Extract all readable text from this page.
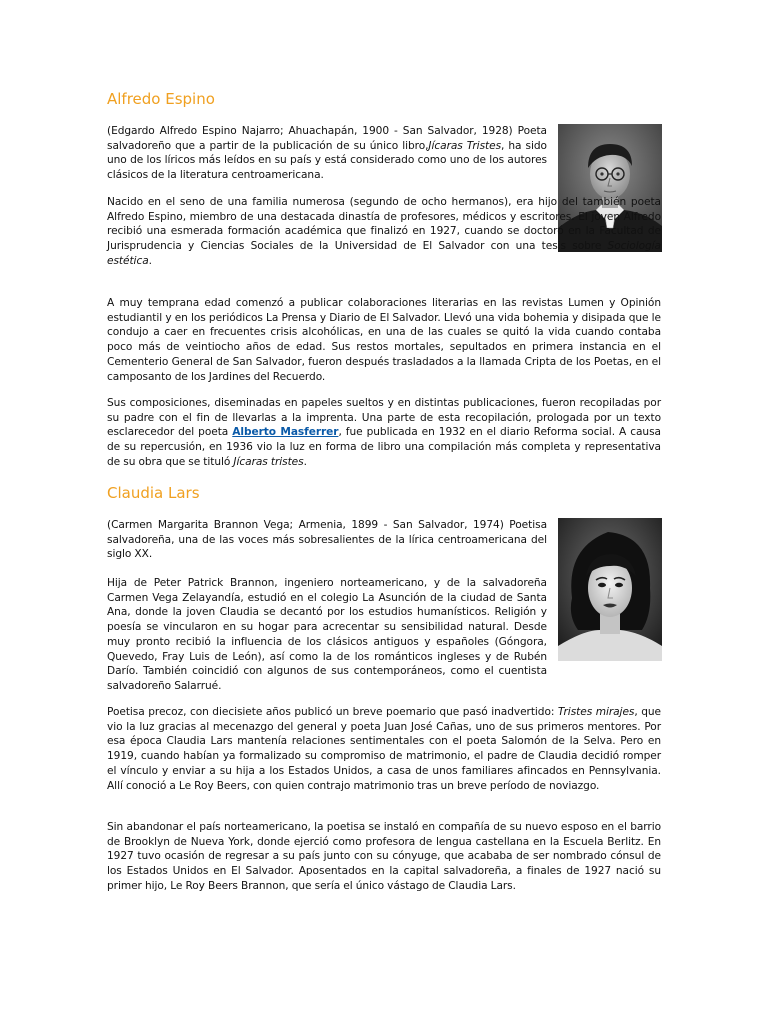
Alfredo Espino

(Edgardo Alfredo Espino Najarro; Ahuachapán, 1900 - San Salvador, 1928) Poeta salvadoreño que a partir de la publicación de su único libro,Jícaras Tristes, ha sido uno de los líricos más leídos en su país y está considerado como uno de los autores clásicos de la literatura centroamericana.

Nacido en el seno de una familia numerosa (segundo de ocho hermanos), era hijo del también poeta Alfredo Espino, miembro de una destacada dinastía de profesores, médicos y escritores. El joven Alfredo recibió una esmerada formación académica que finalizó en 1927, cuando se doctoró en la Facultad de Jurisprudencia y Ciencias Sociales de la Universidad de El Salvador con una tesis sobre Sociología estética.

A muy temprana edad comenzó a publicar colaboraciones literarias en las revistas Lumen y Opinión estudiantil y en los periódicos La Prensa y Diario de El Salvador. Llevó una vida bohemia y disipada que le condujo a caer en frecuentes crisis alcohólicas, en una de las cuales se quitó la vida cuando contaba poco más de veintiocho años de edad. Sus restos mortales, sepultados en primera instancia en el Cementerio General de San Salvador, fueron después trasladados a la llamada Cripta de los Poetas, en el camposanto de los Jardines del Recuerdo.

Sus composiciones, diseminadas en papeles sueltos y en distintas publicaciones, fueron recopiladas por su padre con el fin de llevarlas a la imprenta. Una parte de esta recopilación, prologada por un texto esclarecedor del poeta Alberto Masferrer, fue publicada en 1932 en el diario Reforma social. A causa de su repercusión, en 1936 vio la luz en forma de libro una compilación más completa y representativa de su obra que se tituló Jícaras tristes.

Claudia Lars

(Carmen Margarita Brannon Vega; Armenia, 1899 - San Salvador, 1974) Poetisa salvadoreña, una de las voces más sobresalientes de la lírica centroamericana del siglo XX.

Hija de Peter Patrick Brannon, ingeniero norteamericano, y de la salvadoreña Carmen Vega Zelayandía, estudió en el colegio La Asunción de la ciudad de Santa Ana, donde la joven Claudia se decantó por los estudios humanísticos. Religión y poesía se vincularon en su hogar para acrecentar su sensibilidad natural. Desde muy pronto recibió la influencia de los clásicos antiguos y españoles (Góngora, Quevedo, Fray Luis de León), así como la de los románticos ingleses y de Rubén Darío. También coincidió con algunos de sus contemporáneos, como el cuentista salvadoreño Salarrué.

Poetisa precoz, con diecisiete años publicó un breve poemario que pasó inadvertido: Tristes mirajes, que vio la luz gracias al mecenazgo del general y poeta Juan José Cañas, uno de sus primeros mentores. Por esa época Claudia Lars mantenía relaciones sentimentales con el poeta Salomón de la Selva. Pero en 1919, cuando habían ya formalizado su compromiso de matrimonio, el padre de Claudia decidió romper el vínculo y enviar a su hija a los Estados Unidos, a casa de unos familiares afincados en Pennsylvania. Allí conoció a Le Roy Beers, con quien contrajo matrimonio tras un breve período de noviazgo.

Sin abandonar el país norteamericano, la poetisa se instaló en compañía de su nuevo esposo en el barrio de Brooklyn de Nueva York, donde ejerció como profesora de lengua castellana en la Escuela Berlitz. En 1927 tuvo ocasión de regresar a su país junto con su cónyuge, que acababa de ser nombrado cónsul de los Estados Unidos en El Salvador. Aposentados en la capital salvadoreña, a finales de 1927 nació su primer hijo, Le Roy Beers Brannon, que sería el único vástago de Claudia Lars.
